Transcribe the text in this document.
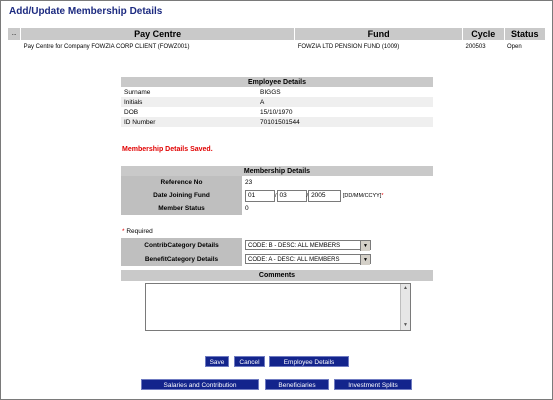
Add/Update Membership Details
...	Pay Centre	Fund	Cycle	Status
	Pay Centre for Company FOWZIA CORP CLIENT (FOWZ001)	FOWZIA LTD PENSION FUND (1009)	200503	Open
Employee Details	
Surname	BIGGS
Initials	A
DOB	15/10/1970
ID Number	70101501544
Membership Details Saved.
Membership Details	
Reference No	23
Date Joining Fund	01 03 2005 [DD/MM/CCYY]*
Member Status	0
* Required
ContribCategory Details	CODE: B - DESC: ALL MEMBERS ▼

BenefitCategory Details	CODE: A - DESC: ALL MEMBERS ▼
Comments
▲
▼
Save	Cancel	Employee Details
Salaries and Contribution	Beneficiaries	Investment Splits
